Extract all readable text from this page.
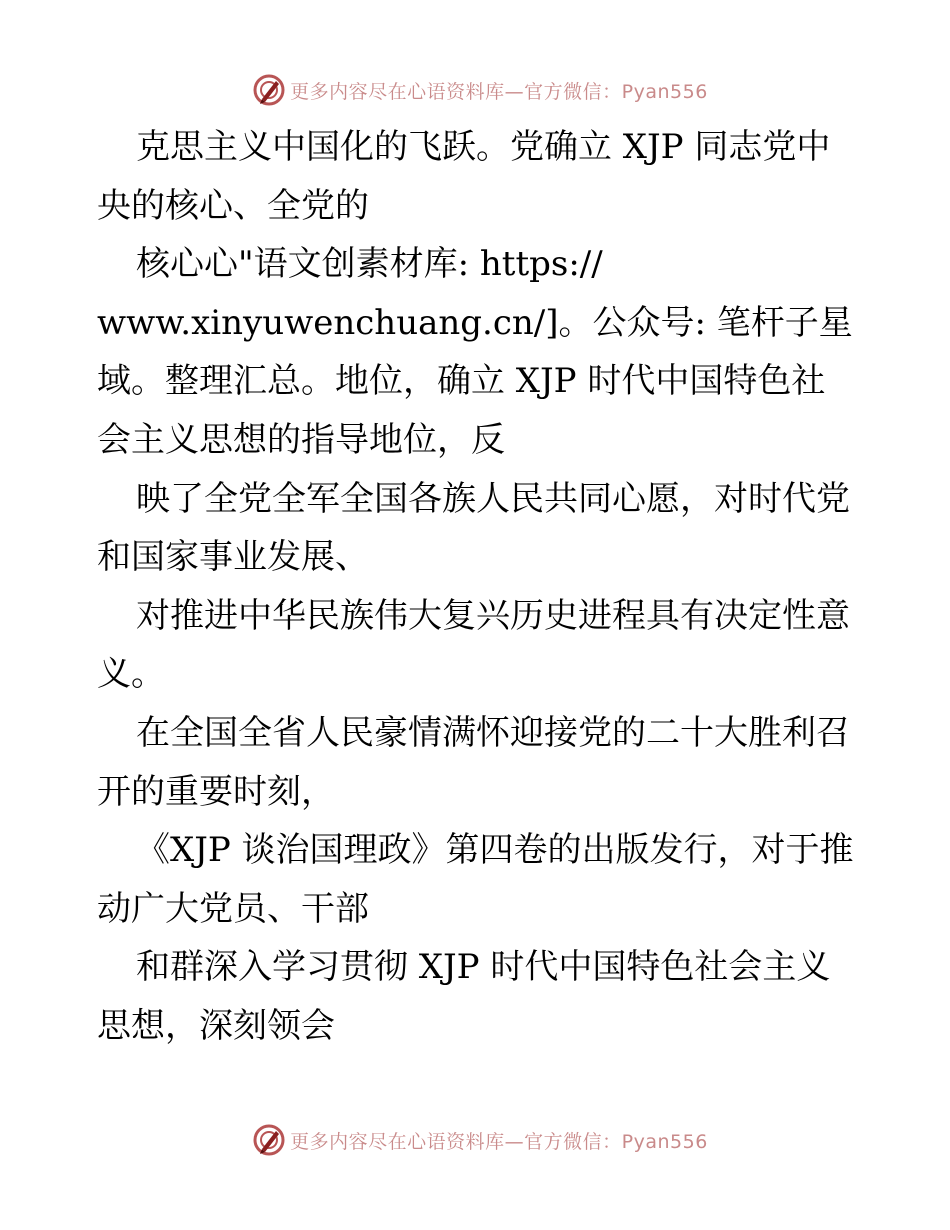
更多内容尽在心语资料库—官方微信：Pyan556

克思主义中国化的飞跃。党确立 XJP 同志党中央的核心、全党的

核心心"语文创素材库: https://
www.xinyuwenchuang.cn/]。公众号: 笔杆子星域。整理汇总。地位，确立 XJP 时代中国特色社会主义思想的指导地位，反

映了全党全军全国各族人民共同心愿，对时代党和国家事业发展、

对推进中华民族伟大复兴历史进程具有决定性意义。

在全国全省人民豪情满怀迎接党的二十大胜利召开的重要时刻，

《XJP 谈治国理政》第四卷的出版发行，对于推动广大党员、干部

和群深入学习贯彻 XJP 时代中国特色社会主义思想，深刻领会

更多内容尽在心语资料库—官方微信：Pyan556
